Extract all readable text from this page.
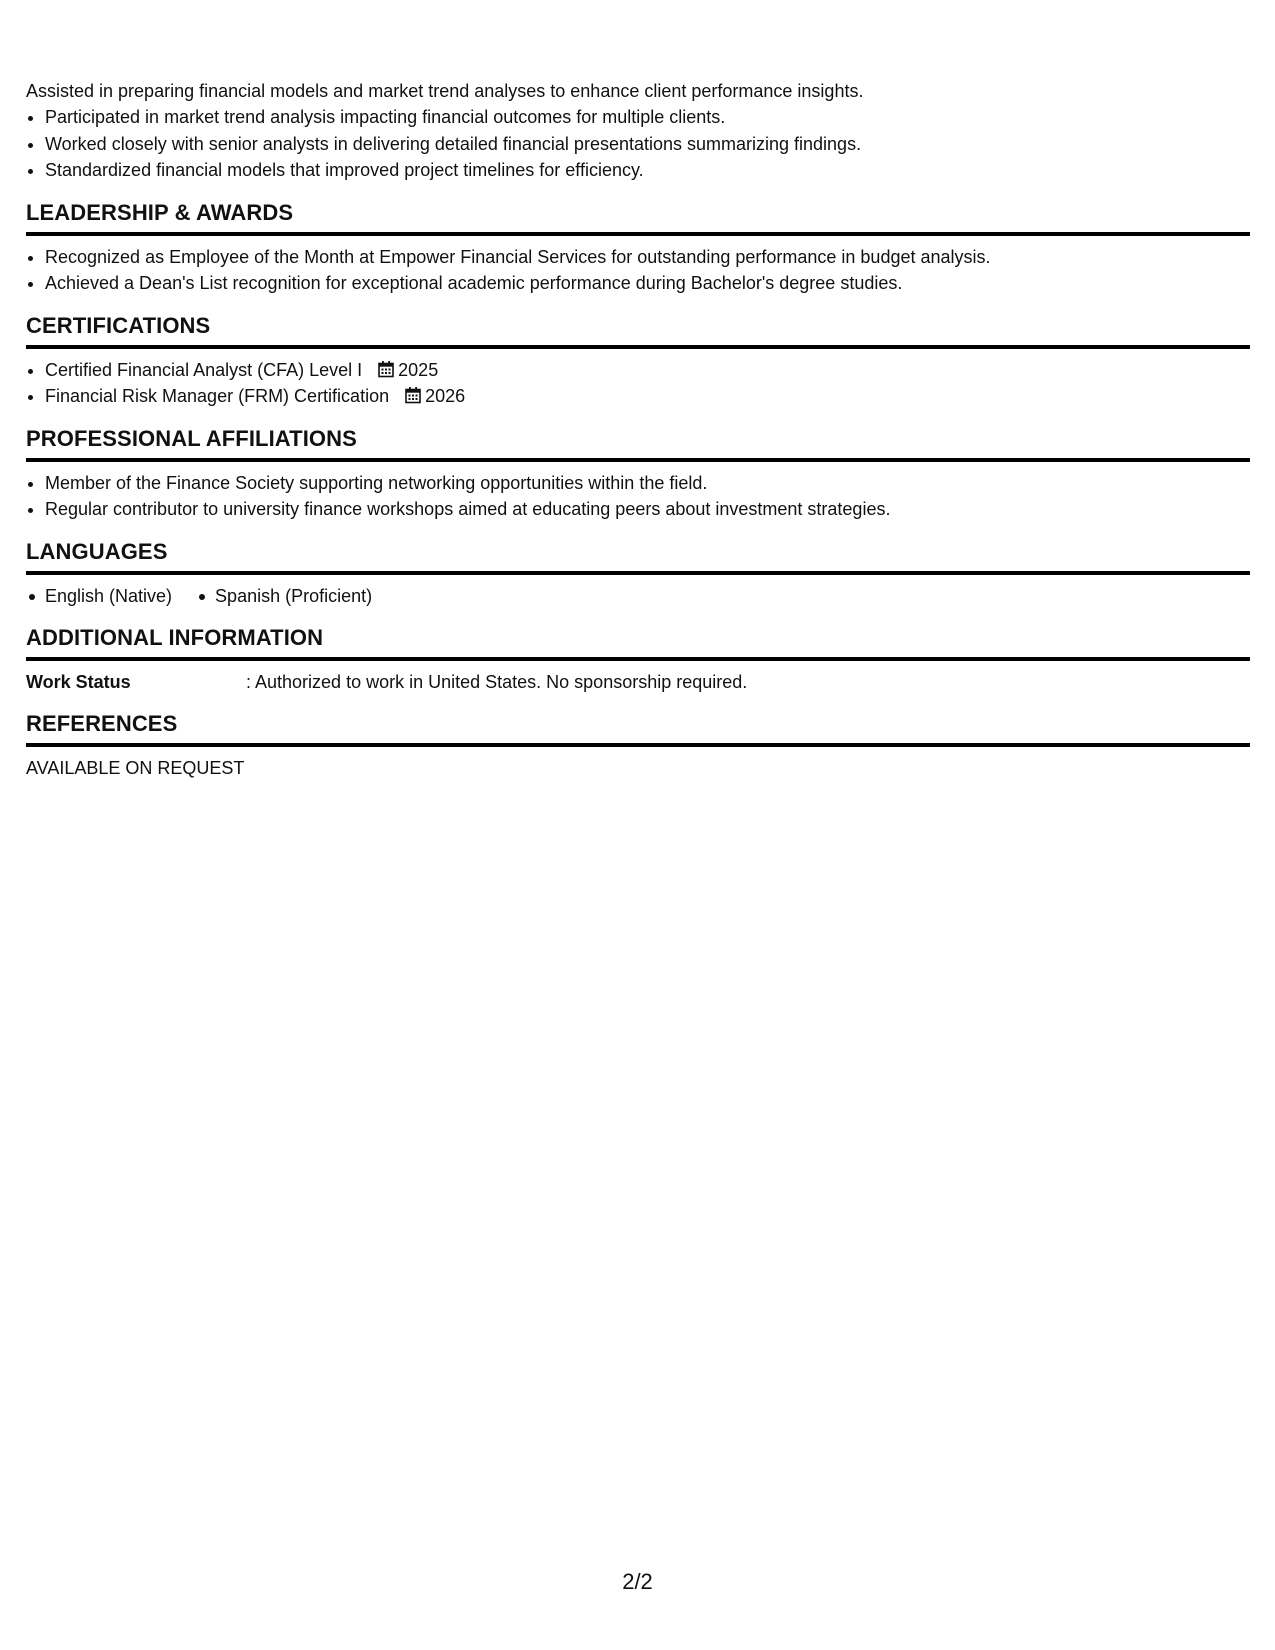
Assisted in preparing financial models and market trend analyses to enhance client performance insights.

• Participated in market trend analysis impacting financial outcomes for multiple clients.
• Worked closely with senior analysts in delivering detailed financial presentations summarizing findings.
• Standardized financial models that improved project timelines for efficiency.
LEADERSHIP & AWARDS
• Recognized as Employee of the Month at Empower Financial Services for outstanding performance in budget analysis.
• Achieved a Dean's List recognition for exceptional academic performance during Bachelor's degree studies.
CERTIFICATIONS
• Certified Financial Analyst (CFA) Level I 2025
• Financial Risk Manager (FRM) Certification 2026
PROFESSIONAL AFFILIATIONS
• Member of the Finance Society supporting networking opportunities within the field.
• Regular contributor to university finance workshops aimed at educating peers about investment strategies.
LANGUAGES
English (Native)	Spanish (Proficient)
ADDITIONAL INFORMATION
Work Status	: Authorized to work in United States. No sponsorship required.
REFERENCES

AVAILABLE ON REQUEST

2/2
